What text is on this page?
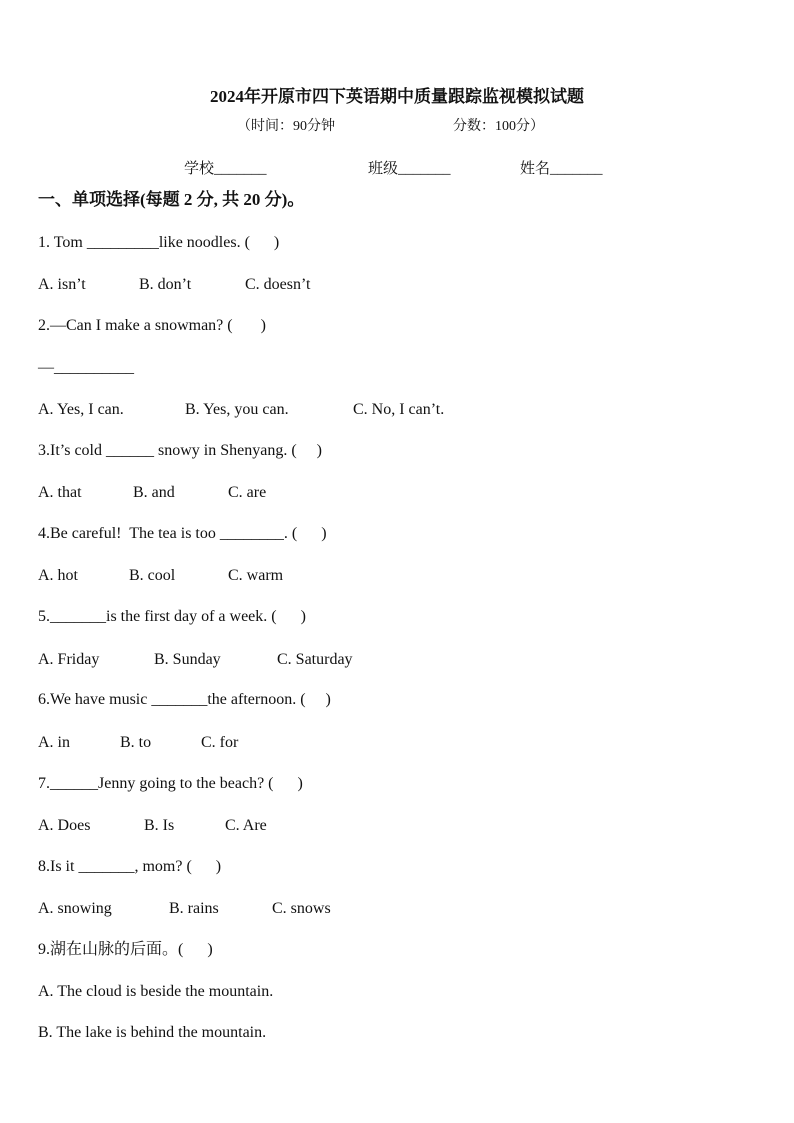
2024年开原市四下英语期中质量跟踪监视模拟试题
（时间：90分钟	分数：100分）
学校_______	班级_______	姓名_______
一、单项选择(每题 2 分, 共 20 分)。
1. Tom _________like noodles. (      )
A. isn’t	B. don’t	C. doesn’t
2.—Can I make a snowman? (       )
—__________
A. Yes, I can.	B. Yes, you can.	C. No, I can’t.
3.It’s cold ______ snowy in Shenyang. (     )
A. that	B. and	C. are
4.Be careful!  The tea is too ________. (      )
A. hot	B. cool	C. warm
5._______is the first day of a week. (      )
A. Friday	B. Sunday	C. Saturday
6.We have music _______the afternoon. (     )
A. in	B. to	C. for
7.______Jenny going to the beach? (      )
A. Does	B. Is	C. Are
8.Is it _______, mom? (      )
A. snowing	B. rains	C. snows
9.湖在山脉的后面。(      )
A. The cloud is beside the mountain.
B. The lake is behind the mountain.
